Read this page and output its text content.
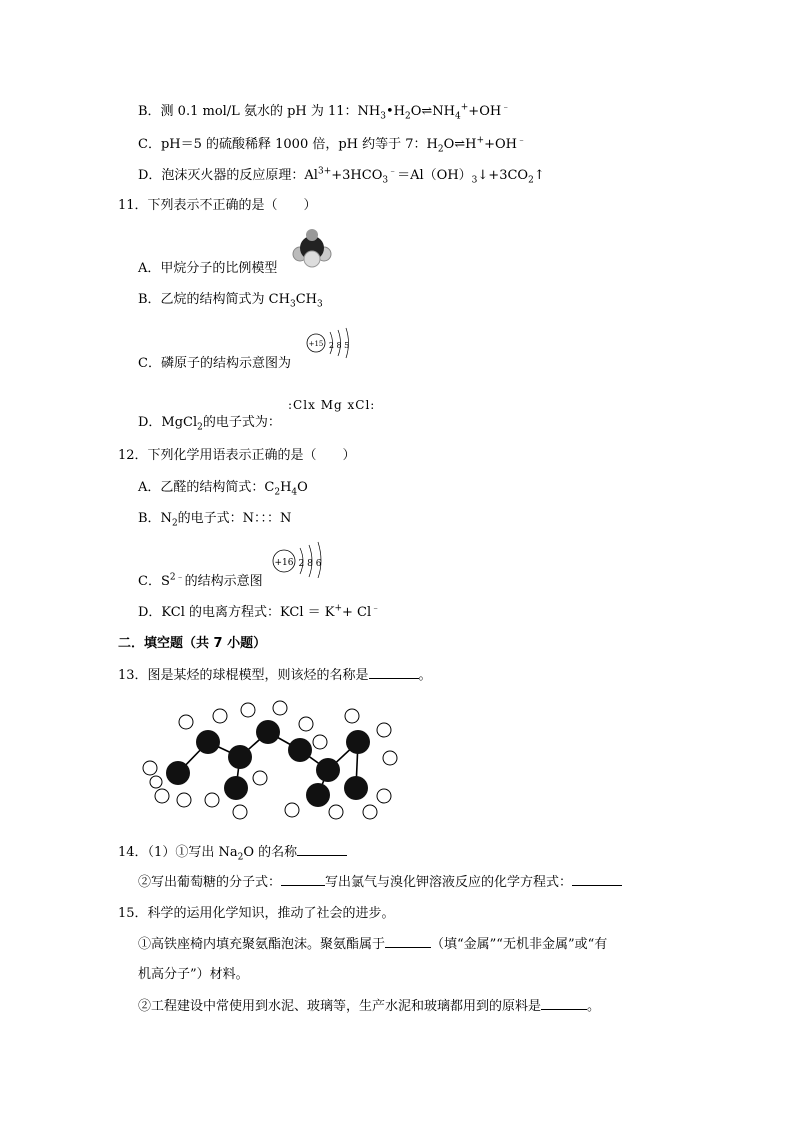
B．测 0.1 mol/L 氨水的 pH 为 11：$NH_3•H_2O\rightleftharpoons NH_4^++OH^﹣$
C．pH＝5 的硫酸稀释 1000 倍，pH 约等于 7：$H_2O\rightleftharpoons H^++OH^﹣$
D．泡沫灭火器的反应原理：$Al^{3+}+3HCO_3^﹣=Al(OH)_3↓+3CO_2↑$
11．下列表示不正确的是（　　）
A．甲烷分子的比例模型
B．乙烷的结构简式为 $CH_3CH_3$
+15 2 8 5
C．磷原子的结构示意图为
D．MgCl$_2$的电子式为：
:Clx Mg xCl:
12．下列化学用语表示正确的是（　　）
A．乙醛的结构简式：$C_2H_4O$
B．$N_2$的电子式：N：：：N
+16 2 8 6
C．$S^{2﹣}$的结构示意图
D．KCl 的电离方程式：KCl ＝ K++ Cl﹣
二．填空题（共 7 小题）
13．图是某烃的球棍模型，则该烃的名称是	。
14．（1）①写出 $Na_2O$ 的名称
②写出葡萄糖的分子式：	写出氯气与溴化钾溶液反应的化学方程式：
15．科学的运用化学知识，推动了社会的进步。
①高铁座椅内填充聚氨酯泡沫。聚氨酯属于	（填“金属”“无机非金属”或“有
机高分子”）材料。
②工程建设中常使用到水泥、玻璃等，生产水泥和玻璃都用到的原料是	。
